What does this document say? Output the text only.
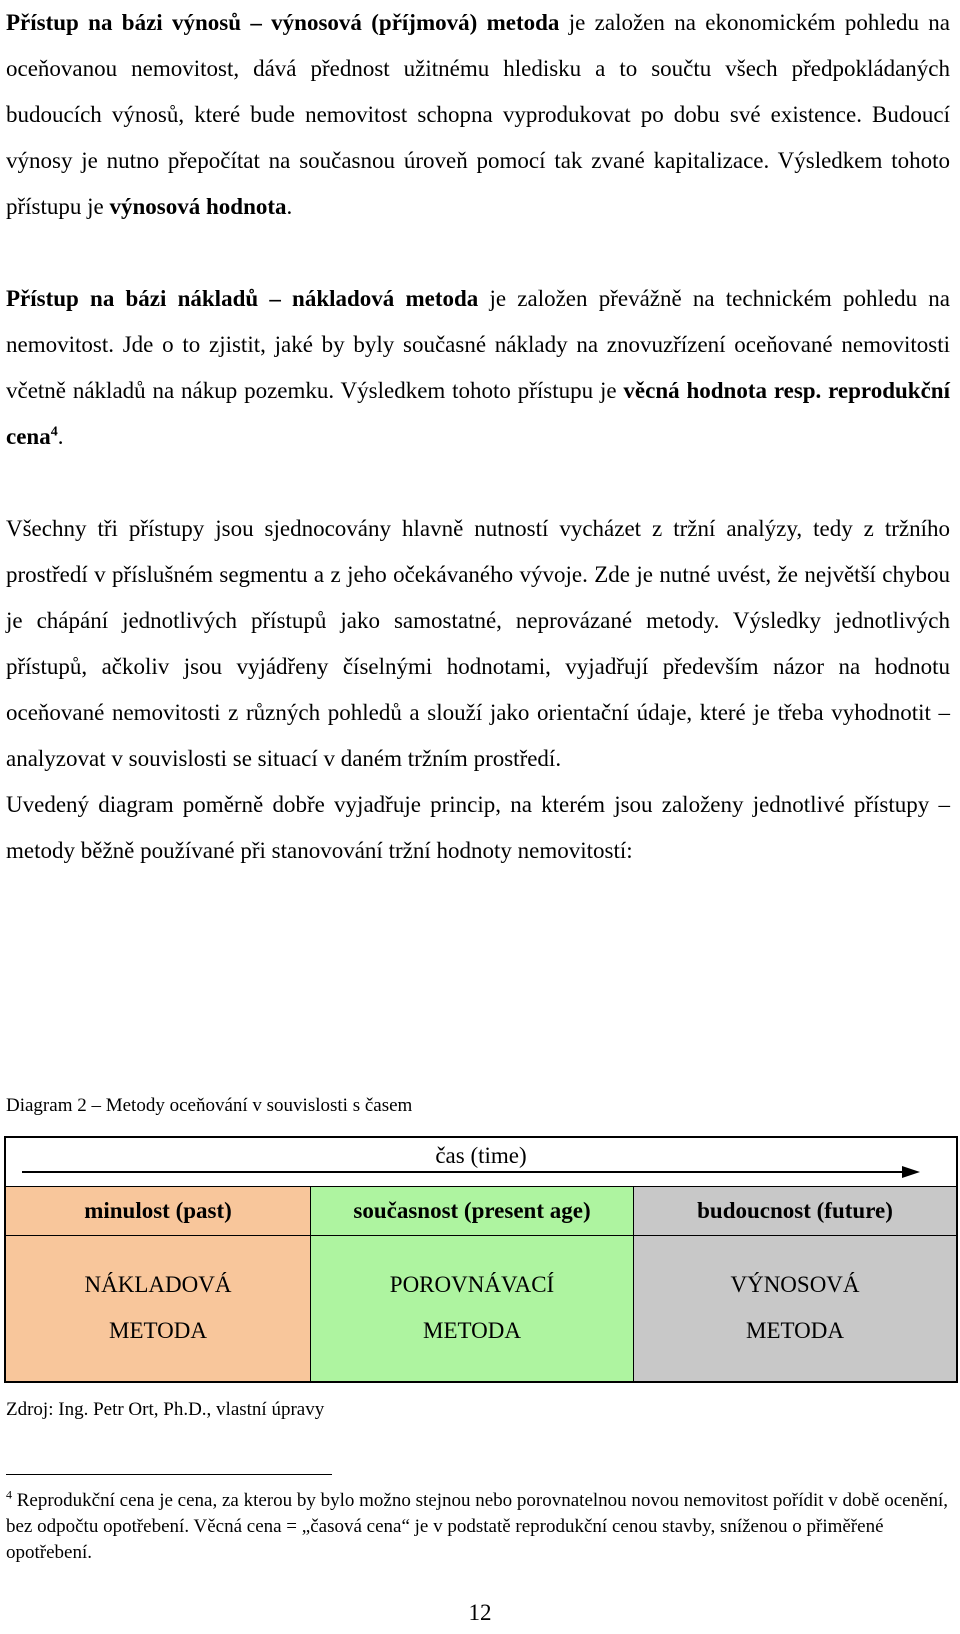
Přístup na bázi výnosů – výnosová (příjmová) metoda je založen na ekonomickém pohledu na oceňovanou nemovitost, dává přednost užitnému hledisku a to součtu všech předpokládaných budoucích výnosů, které bude nemovitost schopna vyprodukovat po dobu své existence. Budoucí výnosy je nutno přepočítat na současnou úroveň pomocí tak zvané kapitalizace. Výsledkem tohoto přístupu je výnosová hodnota.

Přístup na bázi nákladů – nákladová metoda je založen převážně na technickém pohledu na nemovitost. Jde o to zjistit, jaké by byly současné náklady na znovuzřízení oceňované nemovitosti včetně nákladů na nákup pozemku. Výsledkem tohoto přístupu je věcná hodnota resp. reprodukční cena$^4$.

Všechny tři přístupy jsou sjednocovány hlavně nutností vycházet z tržní analýzy, tedy z tržního prostředí v příslušném segmentu a z jeho očekávaného vývoje. Zde je nutné uvést, že největší chybou je chápání jednotlivých přístupů jako samostatné, neprovázané metody. Výsledky jednotlivých přístupů, ačkoliv jsou vyjádřeny číselnými hodnotami, vyjadřují především názor na hodnotu oceňované nemovitosti z různých pohledů a slouží jako orientační údaje, které je třeba vyhodnotit – analyzovat v souvislosti se situací v daném tržním prostředí.

Uvedený diagram poměrně dobře vyjadřuje princip, na kterém jsou založeny jednotlivé přístupy – metody běžně používané při stanovování tržní hodnoty nemovitostí:

Diagram 2 – Metody oceňování v souvislosti s časem
čas (time)
minulost (past)
NÁKLADOVÁ
METODA
současnost (present age)
POROVNÁVACÍ
METODA
budoucnost (future)
VÝNOSOVÁ
METODA
Zdroj: Ing. Petr Ort, Ph.D., vlastní úpravy

$^4$ Reprodukční cena je cena, za kterou by bylo možno stejnou nebo porovnatelnou novou nemovitost pořídit v době ocenění, bez odpočtu opotřebení. Věcná cena = „časová cena“ je v podstatě reprodukční cenou stavby, sníženou o přiměřené opotřebení.

12
